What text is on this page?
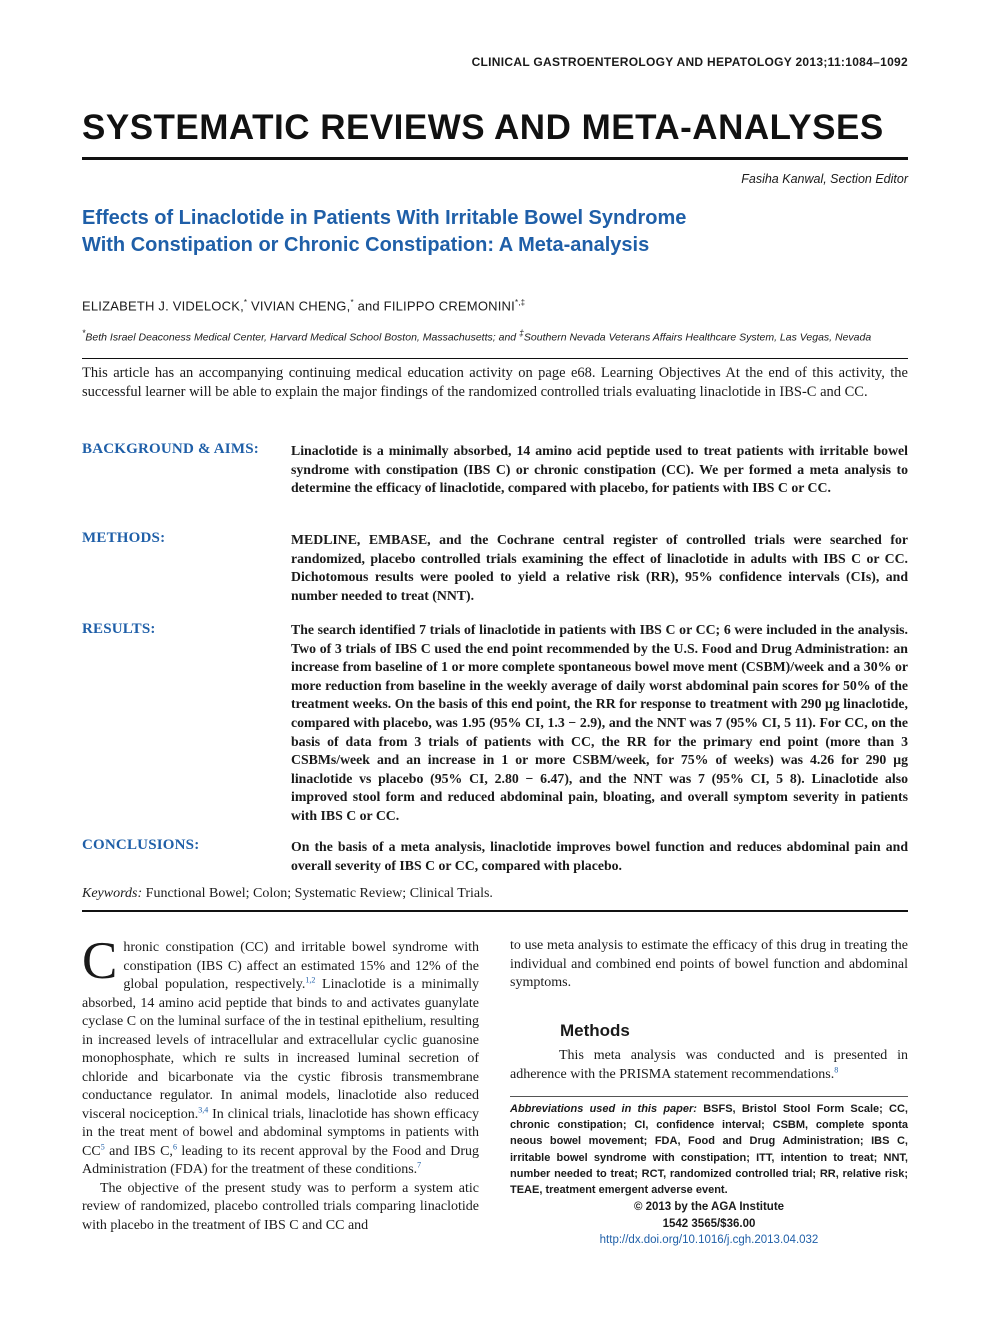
CLINICAL GASTROENTEROLOGY AND HEPATOLOGY 2013;11:1084–1092
SYSTEMATIC REVIEWS AND META-ANALYSES
Fasiha Kanwal, Section Editor
Effects of Linaclotide in Patients With Irritable Bowel Syndrome
With Constipation or Chronic Constipation: A Meta-analysis
ELIZABETH J. VIDELOCK,* VIVIAN CHENG,* and FILIPPO CREMONINI*,‡
*Beth Israel Deaconess Medical Center, Harvard Medical School Boston, Massachusetts; and ‡Southern Nevada Veterans Affairs Healthcare System, Las Vegas, Nevada
This article has an accompanying continuing medical education activity on page e68. Learning Objectives At the end of this activity, the successful learner will be able to explain the major findings of the randomized controlled trials evaluating linaclotide in IBS-C and CC.
BACKGROUND & AIMS: Linaclotide is a minimally absorbed, 14 amino acid peptide used to treat patients with irritable bowel syndrome with constipation (IBS C) or chronic constipation (CC). We per formed a meta analysis to determine the efficacy of linaclotide, compared with placebo, for patients with IBS C or CC.
METHODS:	MEDLINE, EMBASE, and the Cochrane central register of controlled trials were searched for randomized, placebo controlled trials examining the effect of linaclotide in adults with IBS C or CC. Dichotomous results were pooled to yield a relative risk (RR), 95% confidence intervals (CIs), and number needed to treat (NNT).
RESULTS:	The search identified 7 trials of linaclotide in patients with IBS C or CC; 6 were included in the analysis. Two of 3 trials of IBS C used the end point recommended by the U.S. Food and Drug Administration: an increase from baseline of 1 or more complete spontaneous bowel move ment (CSBM)/week and a 30% or more reduction from baseline in the weekly average of daily worst abdominal pain scores for 50% of the treatment weeks. On the basis of this end point, the RR for response to treatment with 290 μg linaclotide, compared with placebo, was 1.95 (95% CI, 1.3 − 2.9), and the NNT was 7 (95% CI, 5 11). For CC, on the basis of data from 3 trials of patients with CC, the RR for the primary end point (more than 3 CSBMs/week and an increase in 1 or more CSBM/week, for 75% of weeks) was 4.26 for 290 μg linaclotide vs placebo (95% CI, 2.80 − 6.47), and the NNT was 7 (95% CI, 5 8). Linaclotide also improved stool form and reduced abdominal pain, bloating, and overall symptom severity in patients with IBS C or CC.
CONCLUSIONS:	On the basis of a meta analysis, linaclotide improves bowel function and reduces abdominal pain and overall severity of IBS C or CC, compared with placebo.
Keywords: Functional Bowel; Colon; Systematic Review; Clinical Trials.

Chronic constipation (CC) and irritable bowel syndrome with constipation (IBS C) affect an estimated 15% and 12% of the global population, respectively.$^{1,2}$ Linaclotide is a minimally absorbed, 14 amino acid peptide that binds to and activates guanylate cyclase C on the luminal surface of the in testinal epithelium, resulting in increased levels of intracellular and extracellular cyclic guanosine monophosphate, which re sults in increased luminal secretion of chloride and bicarbonate via the cystic fibrosis transmembrane conductance regulator. In animal models, linaclotide also reduced visceral nociception.$^{3,4}$ In clinical trials, linaclotide has shown efficacy in the treat ment of bowel and abdominal symptoms in patients with $CC^5$ and IBS C,$^6$ leading to its recent approval by the Food and Drug Administration (FDA) for the treatment of these conditions.$^7$

The objective of the present study was to perform a system atic review of randomized, placebo controlled trials comparing linaclotide with placebo in the treatment of IBS C and CC and

to use meta analysis to estimate the efficacy of this drug in treating the individual and combined end points of bowel function and abdominal symptoms.
Methods
This meta analysis was conducted and is presented in adherence with the PRISMA statement recommendations.$^8$
Abbreviations used in this paper: BSFS, Bristol Stool Form Scale; CC, chronic constipation; CI, confidence interval; CSBM, complete sponta neous bowel movement; FDA, Food and Drug Administration; IBS C, irritable bowel syndrome with constipation; ITT, intention to treat; NNT, number needed to treat; RCT, randomized controlled trial; RR, relative risk; TEAE, treatment emergent adverse event.
© 2013 by the AGA Institute
1542 3565/$36.00
http://dx.doi.org/10.1016/j.cgh.2013.04.032
